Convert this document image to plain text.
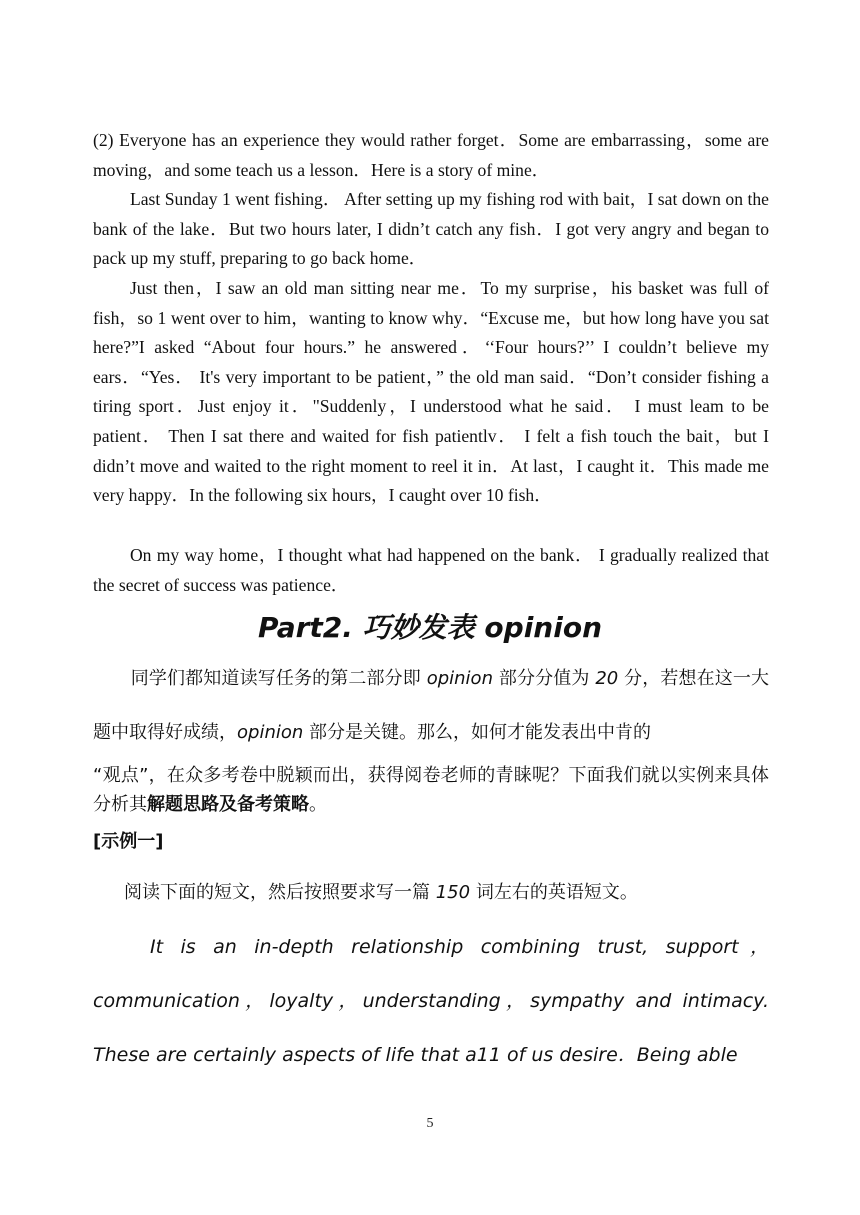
(2) Everyone has an experience they would rather forget．Some are embarrassing，some are moving，and some teach us a lesson．Here is a story of mine．

Last Sunday 1 went fishing． After setting up my fishing rod with bait，I sat down on the bank of the lake．But two hours later, I didn’t catch any fish．I got very angry and began to pack up my stuff, preparing to go back home．

Just then，I saw an old man sitting near me．To my surprise，his basket was full of fish，so 1 went over to him，wanting to know why．“Excuse me，but how long have you sat here?”I asked “About four hours.” he answered．‘‘Four hours?’’ I couldn’t believe my ears．“Yes． It's very important to be patient，” the old man said．“Don’t consider fishing a tiring sport．Just enjoy it．"Suddenly，I understood what he said． I must leam to be patient． Then I sat there and waited for fish patientlv． I felt a fish touch the bait，but I didn’t move and waited to the right moment to reel it in．At last，I caught it．This made me very happy．In the following six hours，I caught over 10 fish．

On my way home，I thought what had happened on the bank． I gradually realized that the secret of success was patience．

Part2. 巧妙发表 opinion

同学们都知道读写任务的第二部分即 opinion 部分分值为 20 分，若想在这一大题中取得好成绩，opinion 部分是关键。那么，如何才能发表出中肯的

“观点”，在众多考卷中脱颖而出，获得阅卷老师的青睐呢？下面我们就以实例来具体分析其解题思路及备考策略。

[示例一]

阅读下面的短文，然后按照要求写一篇 150 词左右的英语短文。

It is an in-depth relationship combining trust, support，communication，loyalty，understanding，sympathy and intimacy. These are certainly aspects of life that a11 of us desire．Being able

5
